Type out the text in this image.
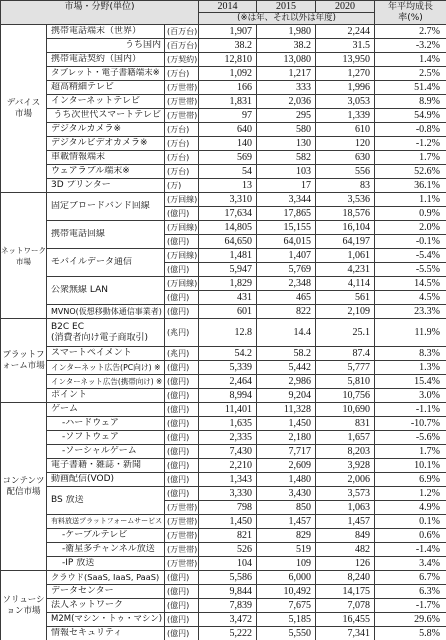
市場・分野(単位)			2014	2015	2020	年平均成長
率(%)
			(※は年、それ以外は年度)			

デバイス
市場	携帯電話端末（世界）	(百万台)	1,907	1,980	2,244	2.7%

	うち国内	(百万台)	38.2	38.2	31.5	-3.2%

	携帯電話契約（国内）	(万契約)	12,810	13,080	13,950	1.4%

	タブレット・電子書籍端末※	(万台)	1,092	1,217	1,270	2.5%

	超高精細テレビ	(万世帯)	166	333	1,996	51.4%

	インターネットテレビ	(万世帯)	1,831	2,036	3,053	8.9%

	うち次世代スマートテレビ	(万世帯)	97	295	1,339	54.9%

	デジタルカメラ※	(万台)	640	580	610	-0.8%

	デジタルビデオカメラ※	(万台)	140	130	120	-1.2%

	車載情報端末	(万台)	569	582	630	1.7%

	ウェアラブル端末※	(万台)	54	103	556	52.6%

	3D プリンター	(万)	13	17	83	36.1%

ネットワーク
市場	固定ブロードバンド回線	(万回線)	3,310	3,344	3,536	1.1%

		(億円)	17,634	17,865	18,576	0.9%

	携帯電話回線	(万回線)	14,805	15,155	16,104	2.0%

		(億円)	64,650	64,015	64,197	-0.1%

	モバイルデータ通信	(万回線)	1,481	1,407	1,061	-5.4%

		(億円)	5,947	5,769	4,231	-5.5%

	公衆無線 LAN	(万回線)	1,829	2,348	4,114	14.5%

		(億円)	431	465	561	4.5%

	MVNO(仮想移動体通信事業者)	(億円)	601	822	2,109	23.3%

プラットフ
ォーム市場	B2C EC
(消費者向け電子商取引)	(兆円)	12.8	14.4	25.1	11.9%

	スマートペイメント	(兆円)	54.2	58.2	87.4	8.3%

	インターネット広告(PC向け) ※	(億円)	5,339	5,442	5,777	1.3%

	インターネット広告(携帯向け) ※	(億円)	2,464	2,986	5,810	15.4%

	ポイント	(億円)	8,994	9,204	10,756	3.0%

コンテンツ
配信市場	ゲーム	(億円)	11,401	11,328	10,690	-1.1%

	-ハードウェア	(億円)	1,635	1,450	831	-10.7%

	-ソフトウェア	(億円)	2,335	2,180	1,657	-5.6%

	-ソーシャルゲーム	(億円)	7,430	7,717	8,203	1.7%

	電子書籍・雑誌・新聞	(億円)	2,210	2,609	3,928	10.1%

	動画配信(VOD)	(億円)	1,343	1,480	2,006	6.9%

	BS 放送	(億円)	3,330	3,430	3,573	1.2%

		(万世帯)	798	850	1,063	4.9%

	有料放送プラットフォームサービス	(万世帯)	1,450	1,457	1,457	0.1%

	-ケーブルテレビ	(万世帯)	821	829	849	0.6%

	-衛星多チャンネル放送	(万世帯)	526	519	482	-1.4%

	-IP 放送	(万世帯)	104	109	126	3.4%

ソリューシ
ョン市場	クラウド(SaaS, IaaS, PaaS)	(億円)	5,586	6,000	8,240	6.7%

	データセンター	(億円)	9,844	10,492	14,175	6.3%

	法人ネットワーク	(億円)	7,839	7,675	7,078	-1.7%

	M2M(マシン・トゥ・マシン)	(億円)	3,472	5,185	16,455	29.6%

	情報セキュリティ	(億円)	5,222	5,550	7,341	5.8%
